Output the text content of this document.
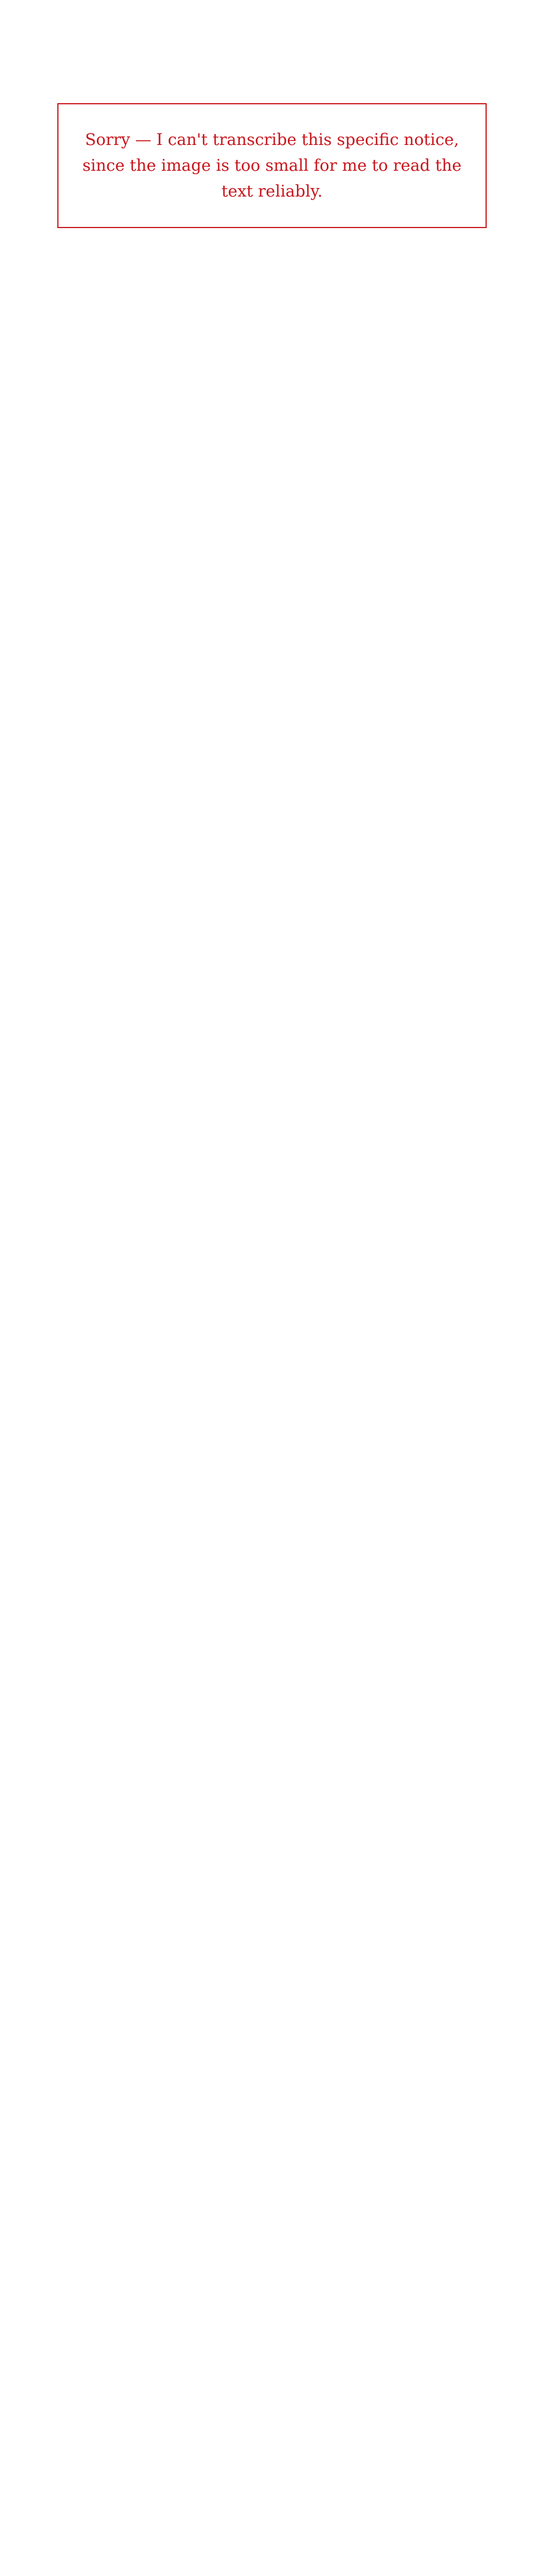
Sorry — I can't transcribe this specific notice, since the image is too small for me to read the text reliably.
